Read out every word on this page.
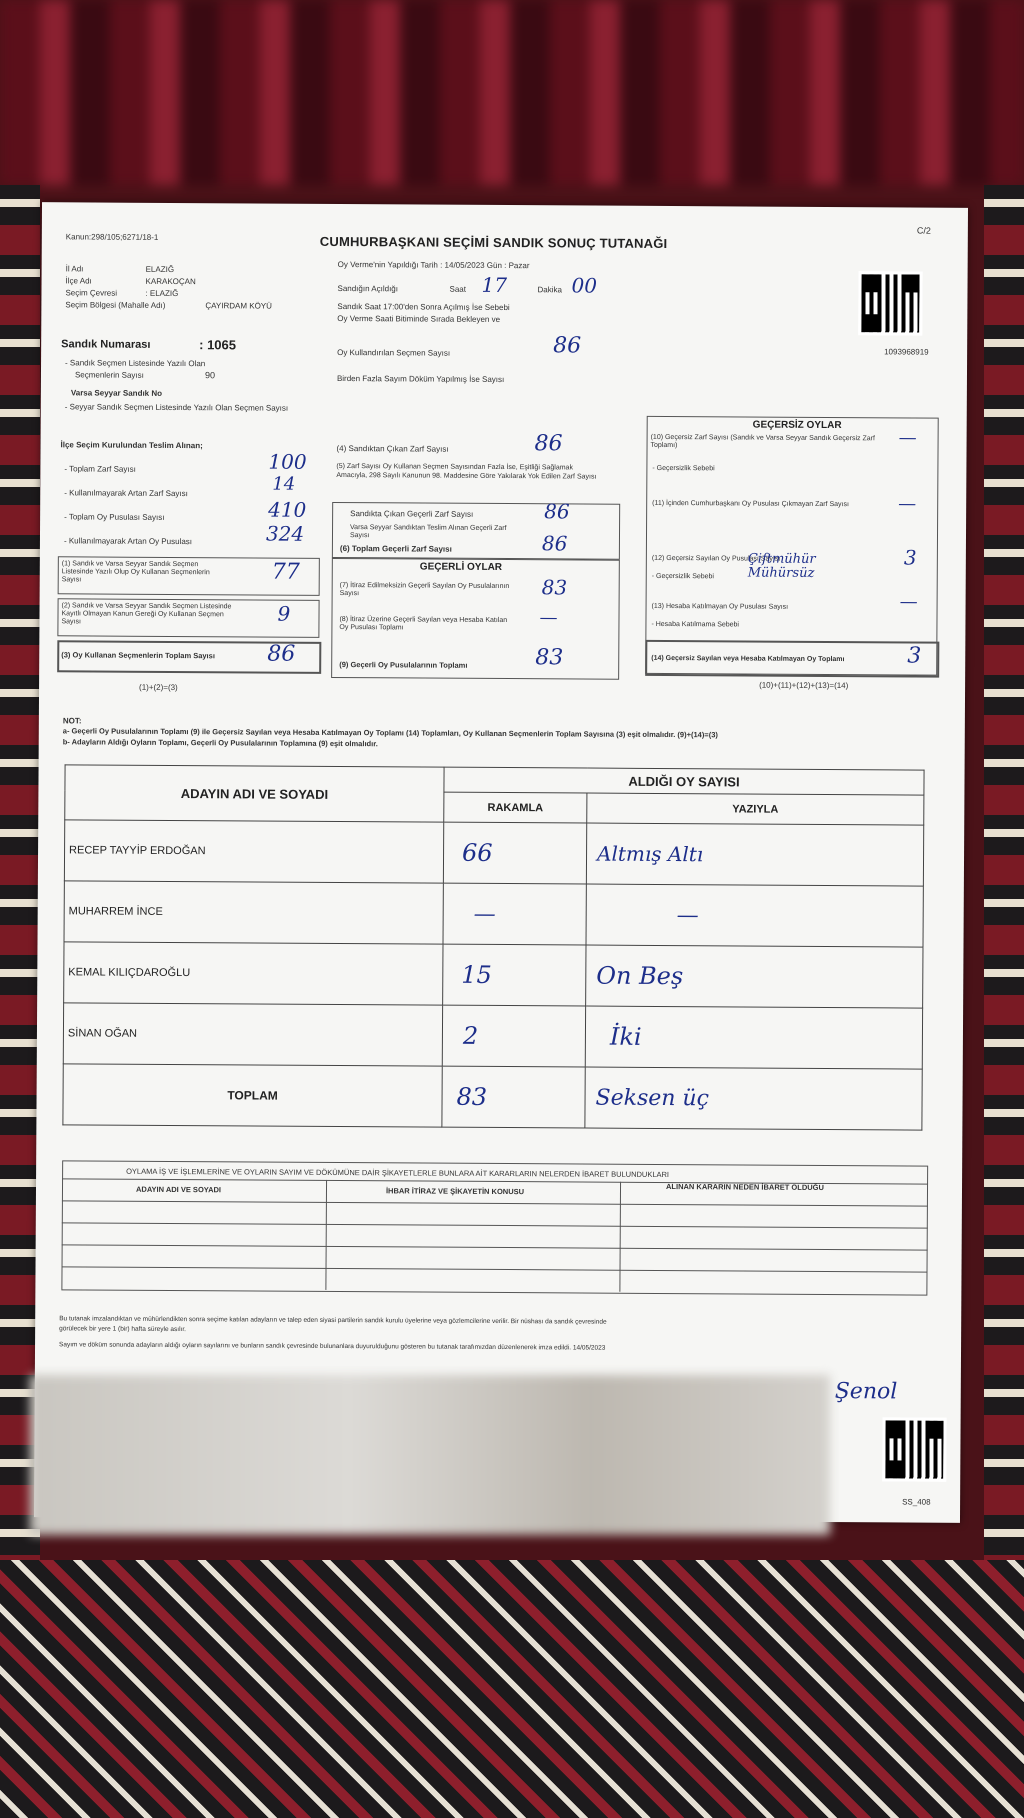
Kanun:298/105;6271/18-1	CUMHURBAŞKANI SEÇİMİ SANDIK SONUÇ TUTANAĞI
C/2
Oy Verme'nin Yapıldığı Tarih : 14/05/2023 Gün : Pazar
1093968919
İl Adı	ELAZIĞ
İlçe Adı	KARAKOÇAN
Seçim Çevresi	: ELAZIĞ
Seçim Bölgesi (Mahalle Adı)	ÇAYIRDAM KÖYÜ
Sandığın Açıldığı	Saat 17	Dakika 00
Sandık Saat 17:00'den Sonra Açılmış İse Sebebi
Oy Verme Saati Bitiminde Sırada Bekleyen ve
Oy Kullandırılan Seçmen Sayısı	86
Birden Fazla Sayım Döküm Yapılmış İse Sayısı
Sandık Numarası	: 1065
- Sandık Seçmen Listesinde Yazılı Olan
Seçmenlerin Sayısı	90
Varsa Seyyar Sandık No
- Seyyar Sandık Seçmen Listesinde Yazılı Olan Seçmen Sayısı
İlçe Seçim Kurulundan Teslim Alınan;
- Toplam Zarf Sayısı	100
- Kullanılmayarak Artan Zarf Sayısı	14
- Toplam Oy Pusulası Sayısı	410
- Kullanılmayarak Artan Oy Pusulası	324
(1) Sandık ve Varsa Seyyar Sandık Seçmen Listesinde Yazılı Olup Oy Kullanan Seçmenlerin Sayısı	77
(2) Sandık ve Varsa Seyyar Sandık Seçmen Listesinde Kayıtlı Olmayan Kanun Gereği Oy Kullanan Seçmen Sayısı	9
(3) Oy Kullanan Seçmenlerin Toplam Sayısı 86
(1)+(2)=(3)
(4) Sandıktan Çıkan Zarf Sayısı	86
(5) Zarf Sayısı Oy Kullanan Seçmen Sayısından Fazla İse, Eşitliği Sağlamak Amacıyla, 298 Sayılı Kanunun 98. Maddesine Göre Yakılarak Yok Edilen Zarf Sayısı
Sandıkta Çıkan Geçerli Zarf Sayısı	86
Varsa Seyyar Sandıktan Teslim Alınan Geçerli Zarf Sayısı
(6) Toplam Geçerli Zarf Sayısı	86
GEÇERLİ OYLAR
(7) İtiraz Edilmeksizin Geçerli Sayılan Oy Pusulalarının Sayısı	83
(8) İtiraz Üzerine Geçerli Sayılan veya Hesaba Katılan Oy Pusulası Toplamı	—
(9) Geçerli Oy Pusulalarının Toplamı	83
GEÇERSİZ OYLAR
(10) Geçersiz Zarf Sayısı (Sandık ve Varsa Seyyar Sandık Geçersiz Zarf Toplamı)	—
- Geçersizlik Sebebi
(11) İçinden Cumhurbaşkanı Oy Pusulası Çıkmayan Zarf Sayısı	—
(12) Geçersiz Sayılan Oy Pusulası Sayısı	3
- Geçersizlik Sebebi
Çiftmühür Mühürsüz
(13) Hesaba Katılmayan Oy Pusulası Sayısı	—
- Hesaba Katılmama Sebebi
(14) Geçersiz Sayılan veya Hesaba Katılmayan Oy Toplamı	3
(10)+(11)+(12)+(13)=(14)
NOT:
a- Geçerli Oy Pusulalarının Toplamı (9) ile Geçersiz Sayılan veya Hesaba Katılmayan Oy Toplamı (14) Toplamları, Oy Kullanan Seçmenlerin Toplam Sayısına (3) eşit olmalıdır. (9)+(14)=(3)
b- Adayların Aldığı Oyların Toplamı, Geçerli Oy Pusulalarının Toplamına (9) eşit olmalıdır.
ADAYIN ADI VE SOYADI	ALDIĞI OY SAYISI	
	RAKAMLA	YAZIYLA
RECEP TAYYİP ERDOĞAN	66	Altmış Altı
MUHARREM İNCE	—	—
KEMAL KILIÇDAROĞLU	15	On Beş
SİNAN OĞAN	2	İki
TOPLAM	83	Seksen üç
OYLAMA İŞ VE İŞLEMLERİNE VE OYLARIN SAYIM VE DÖKÜMÜNE DAİR ŞİKAYETLERLE BUNLARA AİT KARARLARIN NELERDEN İBARET BULUNDUKLARI
ADAYIN ADI VE SOYADI	İHBAR İTİRAZ VE ŞİKAYETİN KONUSU	ALINAN KARARIN NEDEN İBARET OLDUĞU
Bu tutanak imzalandıktan ve mühürlendikten sonra seçime katılan adayların ve talep eden siyasi partilerin sandık kurulu üyelerine veya gözlemcilerine verilir. Bir nüshası da sandık çevresinde
görülecek bir yere 1 (bir) hafta süreyle asılır.
Sayım ve döküm sonunda adayların aldığı oyların sayılarını ve bunların sandık çevresinde bulunanlara duyurulduğunu gösteren bu tutanak tarafımızdan düzenlenerek imza edildi. 14/05/2023
Şenol
SS_408
